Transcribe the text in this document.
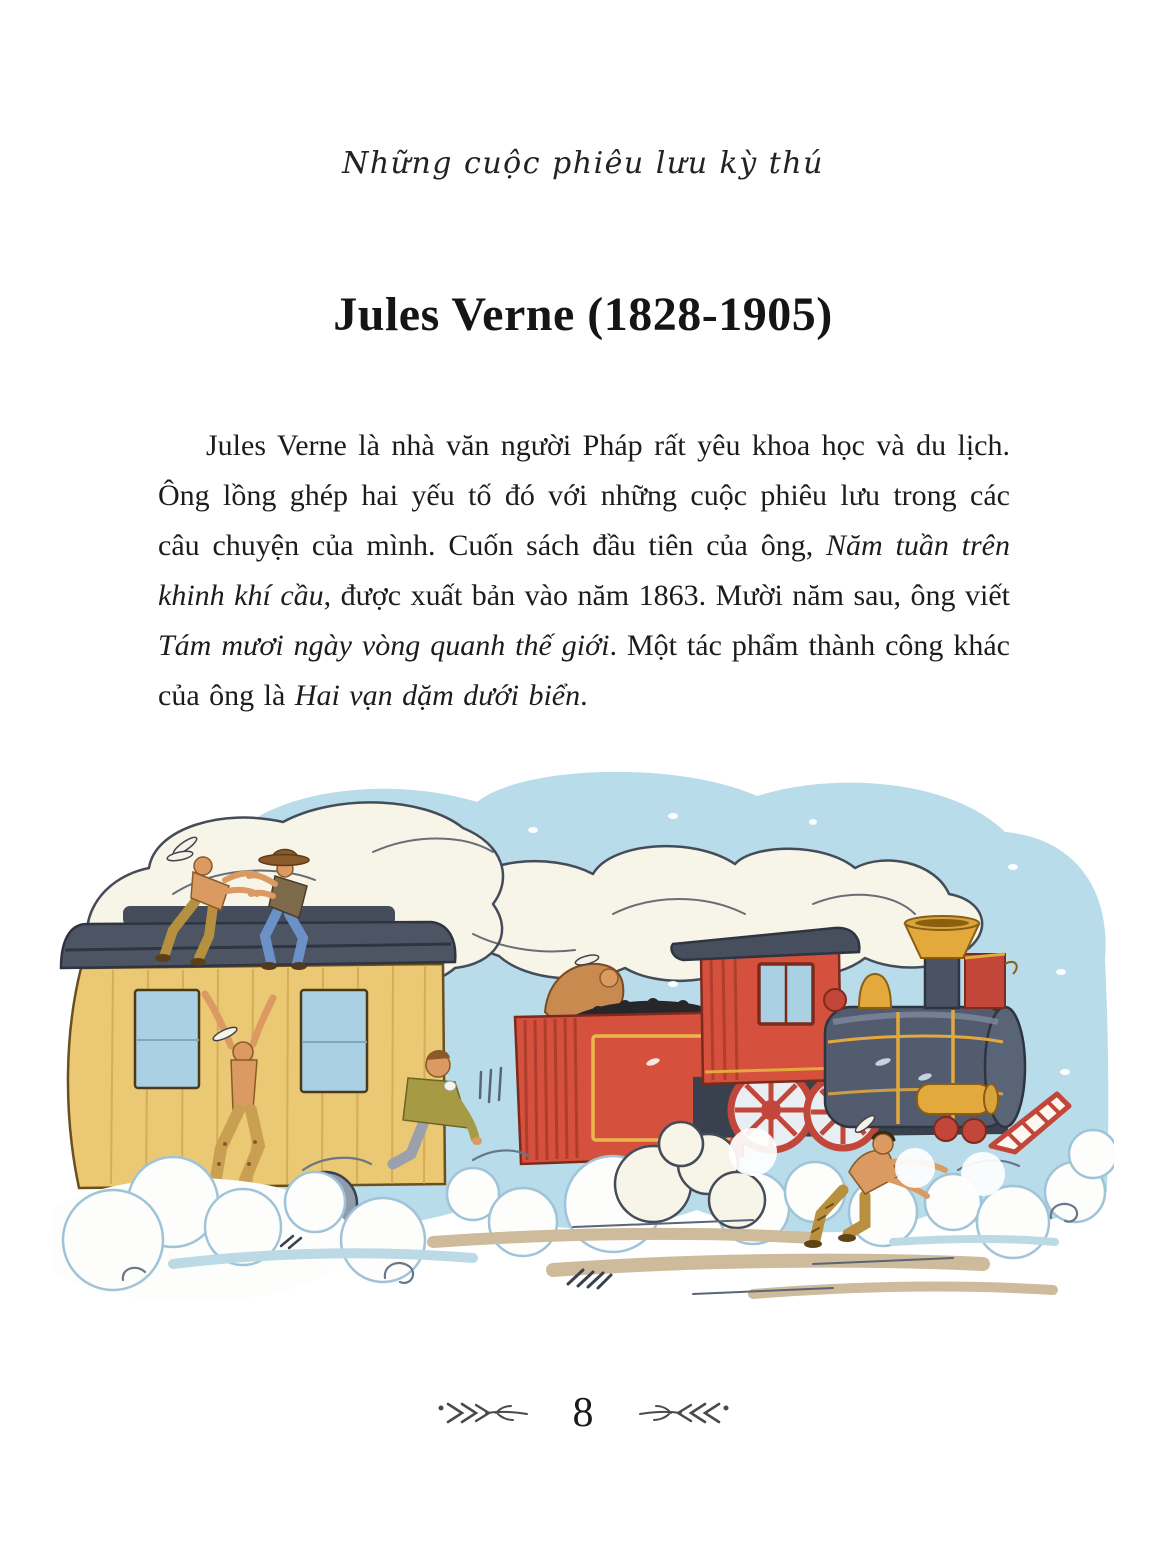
Những cuộc phiêu lưu kỳ thú
Jules Verne (1828-1905)

Jules Verne là nhà văn người Pháp rất yêu khoa học và du lịch. Ông lồng ghép hai yếu tố đó với những cuộc phiêu lưu trong các câu chuyện của mình. Cuốn sách đầu tiên của ông, Năm tuần trên khinh khí cầu, được xuất bản vào năm 1863. Mười năm sau, ông viết Tám mươi ngày vòng quanh thế giới. Một tác phẩm thành công khác của ông là Hai vạn dặm dưới biển.

8
